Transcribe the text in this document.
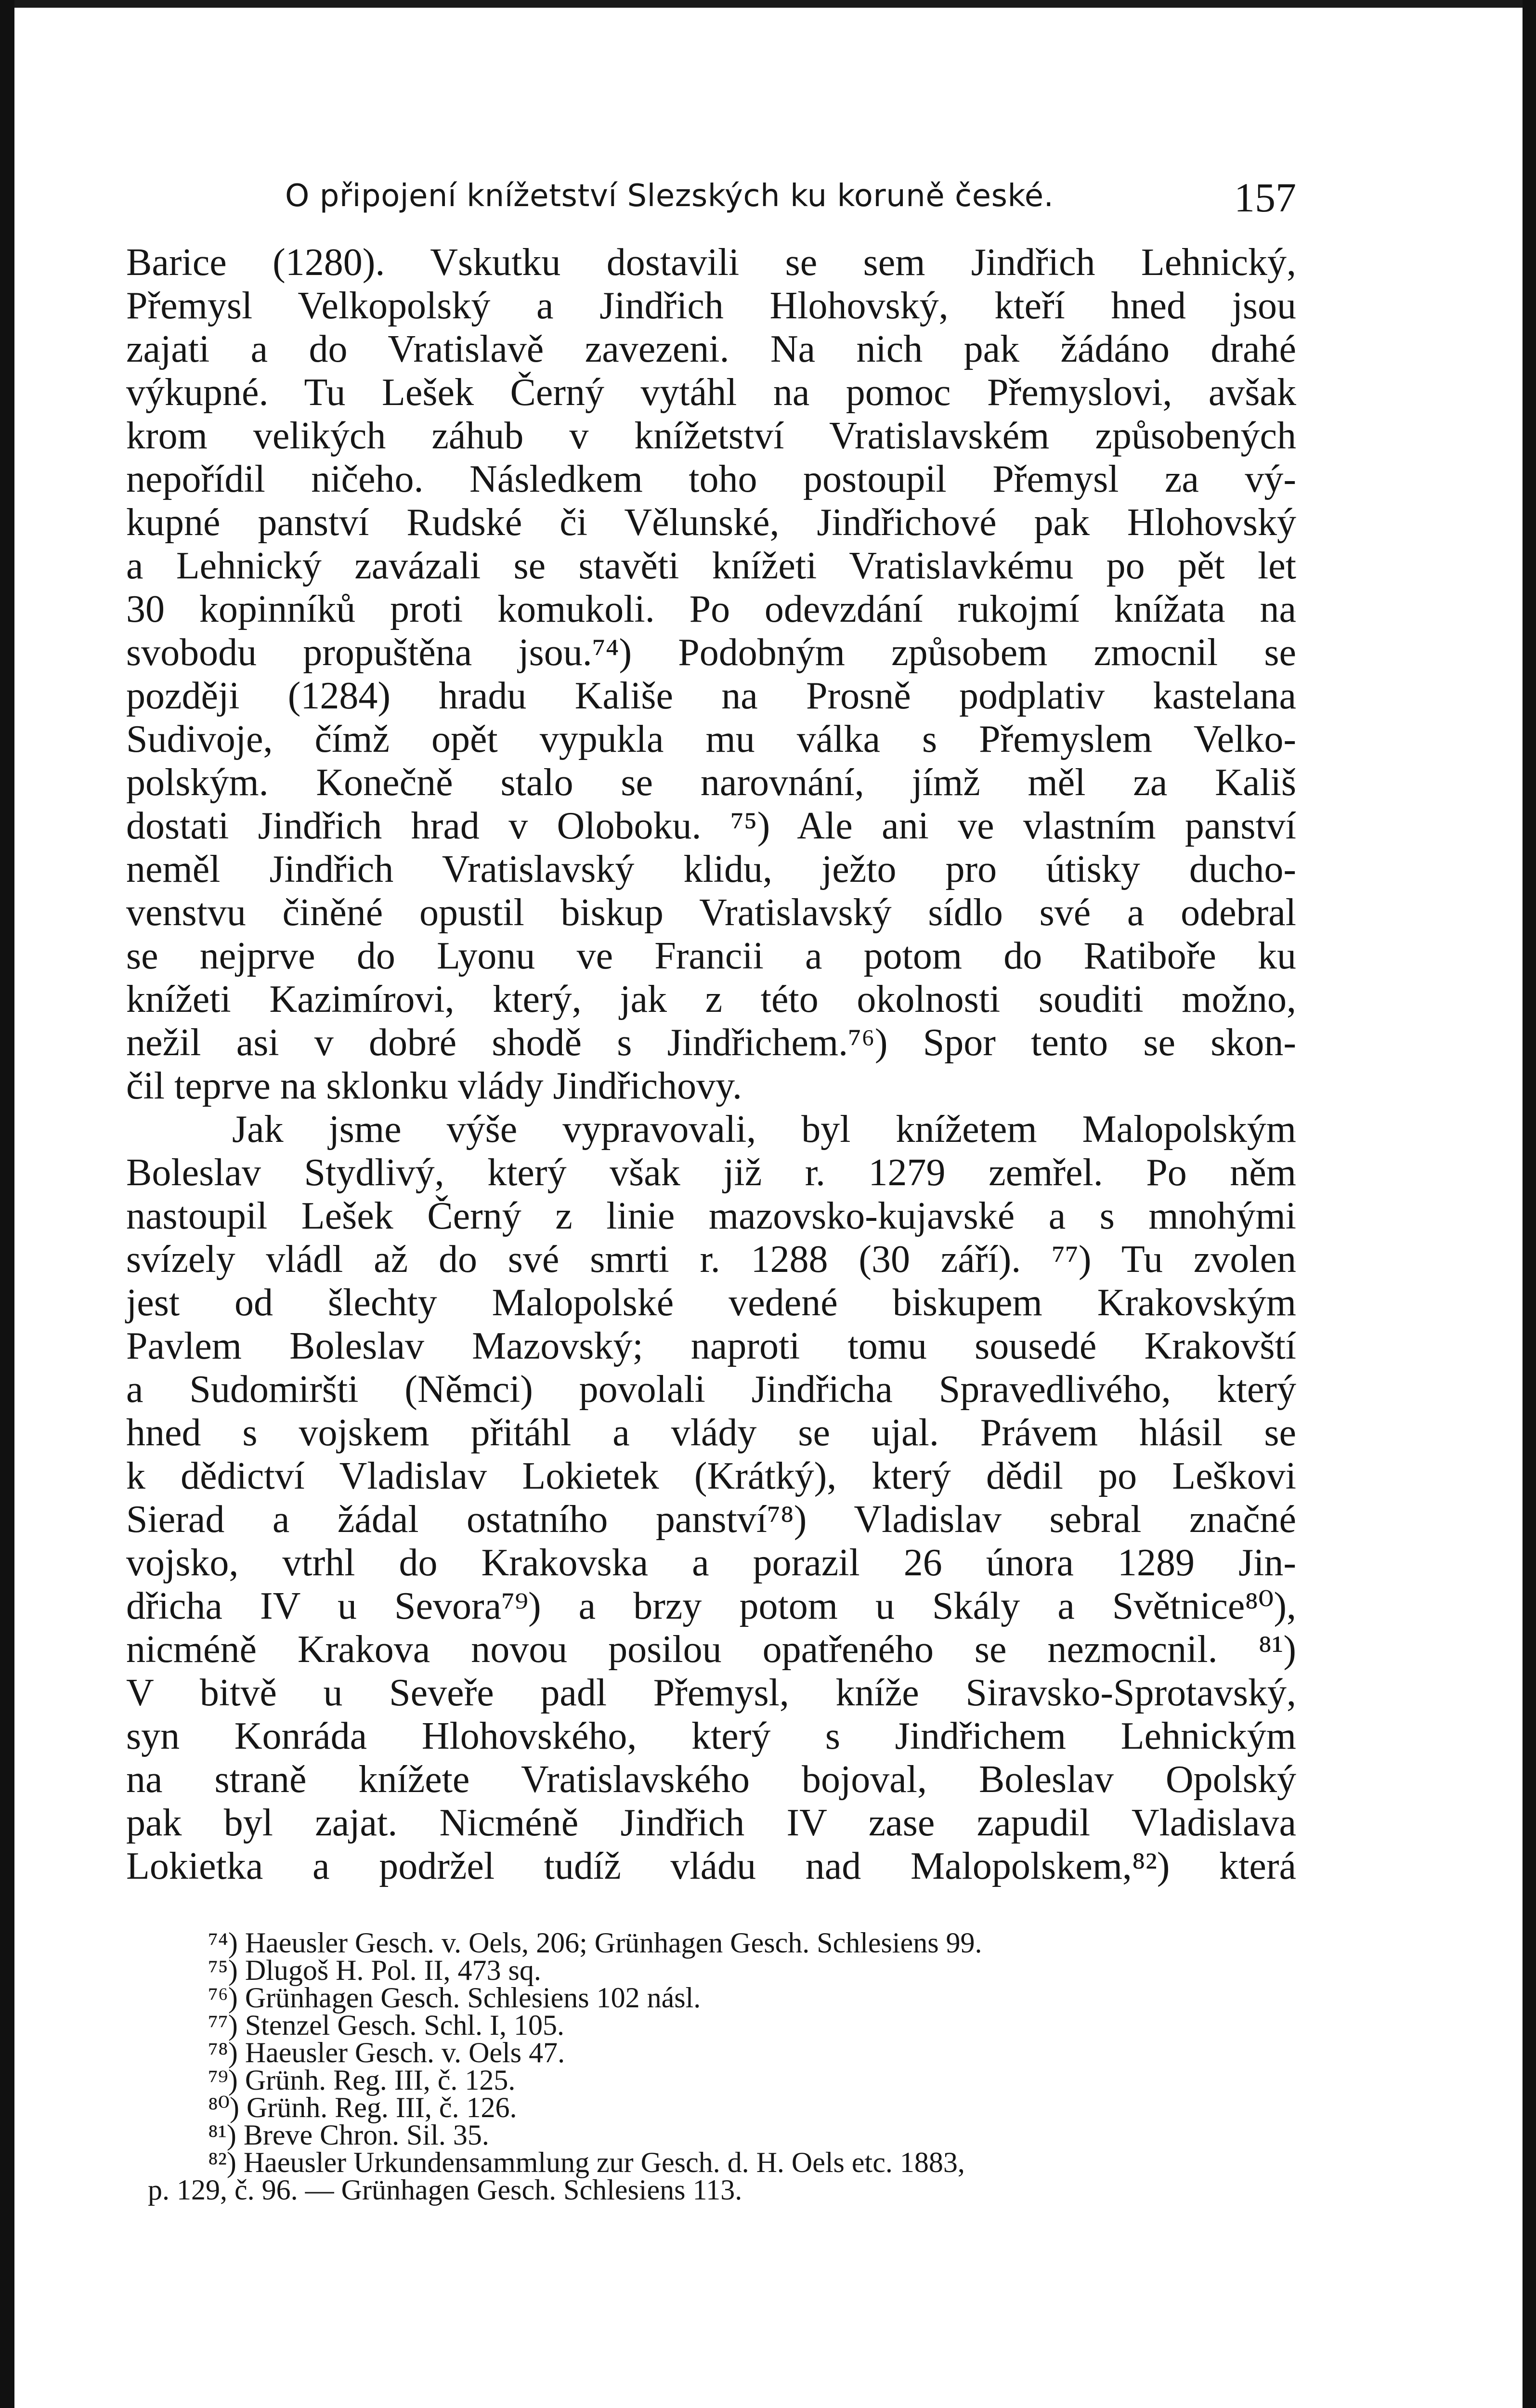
O připojení knížetství Slezských ku koruně české.	157
Barice (1280). Vskutku dostavili se sem Jindřich Lehnický,
Přemysl Velkopolský a Jindřich Hlohovský, kteří hned jsou
zajati a do Vratislavě zavezeni. Na nich pak žádáno drahé
výkupné. Tu Lešek Černý vytáhl na pomoc Přemyslovi, avšak
krom velikých záhub v knížetství Vratislavském způsobených
nepořídil ničeho. Následkem toho postoupil Přemysl za vý-
kupné panství Rudské či Vělunské, Jindřichové pak Hlohovský
a Lehnický zavázali se stavěti knížeti Vratislavkému po pět let
30 kopinníků proti komukoli. Po odevzdání rukojmí knížata na
svobodu propuštěna jsou.⁷⁴) Podobným způsobem zmocnil se
později (1284) hradu Kališe na Prosně podplativ kastelana
Sudivoje, čímž opět vypukla mu válka s Přemyslem Velko-
polským. Konečně stalo se narovnání, jímž měl za Kališ
dostati Jindřich hrad v Oloboku. ⁷⁵) Ale ani ve vlastním panství
neměl Jindřich Vratislavský klidu, ježto pro útisky ducho-
venstvu činěné opustil biskup Vratislavský sídlo své a odebral
se nejprve do Lyonu ve Francii a potom do Ratiboře ku
knížeti Kazimírovi, který, jak z této okolnosti souditi možno,
nežil asi v dobré shodě s Jindřichem.⁷⁶) Spor tento se skon-
čil teprve na sklonku vlády Jindřichovy.
Jak jsme výše vypravovali, byl knížetem Malopolským
Boleslav Stydlivý, který však již r. 1279 zemřel. Po něm
nastoupil Lešek Černý z linie mazovsko-kujavské a s mnohými
svízely vládl až do své smrti r. 1288 (30 září). ⁷⁷) Tu zvolen
jest od šlechty Malopolské vedené biskupem Krakovským
Pavlem Boleslav Mazovský; naproti tomu sousedé Krakovští
a Sudomiršti (Němci) povolali Jindřicha Spravedlivého, který
hned s vojskem přitáhl a vlády se ujal. Právem hlásil se
k dědictví Vladislav Lokietek (Krátký), který dědil po Leškovi
Sierad a žádal ostatního panství⁷⁸) Vladislav sebral značné
vojsko, vtrhl do Krakovska a porazil 26 února 1289 Jin-
dřicha IV u Sevora⁷⁹) a brzy potom u Skály a Světnice⁸⁰),
nicméně Krakova novou posilou opatřeného se nezmocnil. ⁸¹)
V bitvě u Seveře padl Přemysl, kníže Siravsko-Sprotavský,
syn Konráda Hlohovského, který s Jindřichem Lehnickým
na straně knížete Vratislavského bojoval, Boleslav Opolský
pak byl zajat. Nicméně Jindřich IV zase zapudil Vladislava
Lokietka a podržel tudíž vládu nad Malopolskem,⁸²) která
⁷⁴) Haeusler Gesch. v. Oels, 206; Grünhagen Gesch. Schlesiens 99.
⁷⁵) Dlugoš H. Pol. II, 473 sq.
⁷⁶) Grünhagen Gesch. Schlesiens 102 násl.
⁷⁷) Stenzel Gesch. Schl. I, 105.
⁷⁸) Haeusler Gesch. v. Oels 47.
⁷⁹) Grünh. Reg. III, č. 125.
⁸⁰) Grünh. Reg. III, č. 126.
⁸¹) Breve Chron. Sil. 35.
⁸²) Haeusler Urkundensammlung zur Gesch. d. H. Oels etc. 1883,
p. 129, č. 96. — Grünhagen Gesch. Schlesiens 113.
